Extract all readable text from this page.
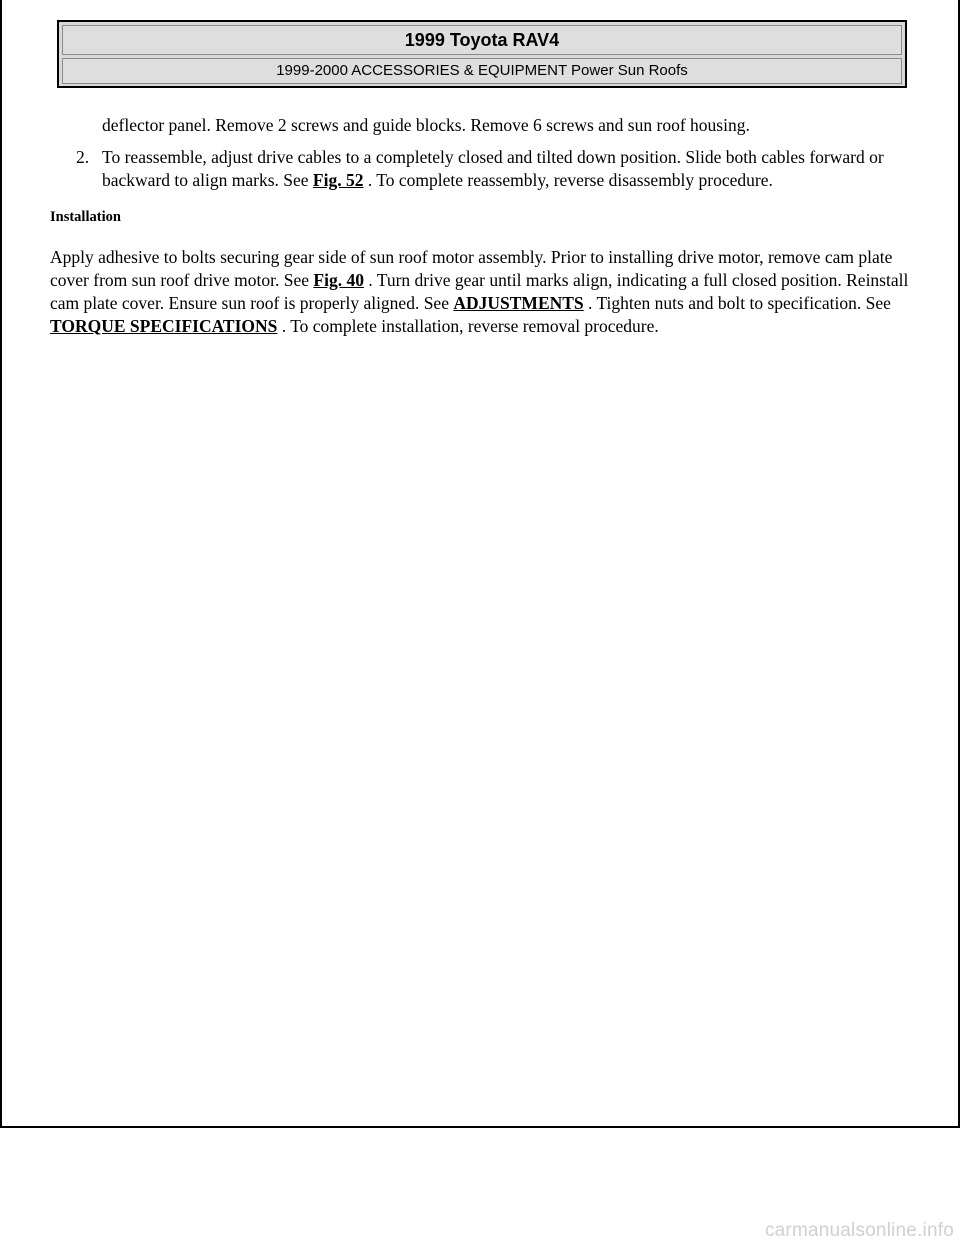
1999 Toyota RAV4
1999-2000 ACCESSORIES & EQUIPMENT Power Sun Roofs

deflector panel. Remove 2 screws and guide blocks. Remove 6 screws and sun roof housing.

2. To reassemble, adjust drive cables to a completely closed and tilted down position. Slide both cables forward or backward to align marks. See Fig. 52 . To complete reassembly, reverse disassembly procedure.
Installation

Apply adhesive to bolts securing gear side of sun roof motor assembly. Prior to installing drive motor, remove cam plate cover from sun roof drive motor. See Fig. 40 . Turn drive gear until marks align, indicating a full closed position. Reinstall cam plate cover. Ensure sun roof is properly aligned. See ADJUSTMENTS . Tighten nuts and bolt to specification. See TORQUE SPECIFICATIONS . To complete installation, reverse removal procedure.

carmanualsonline.info
